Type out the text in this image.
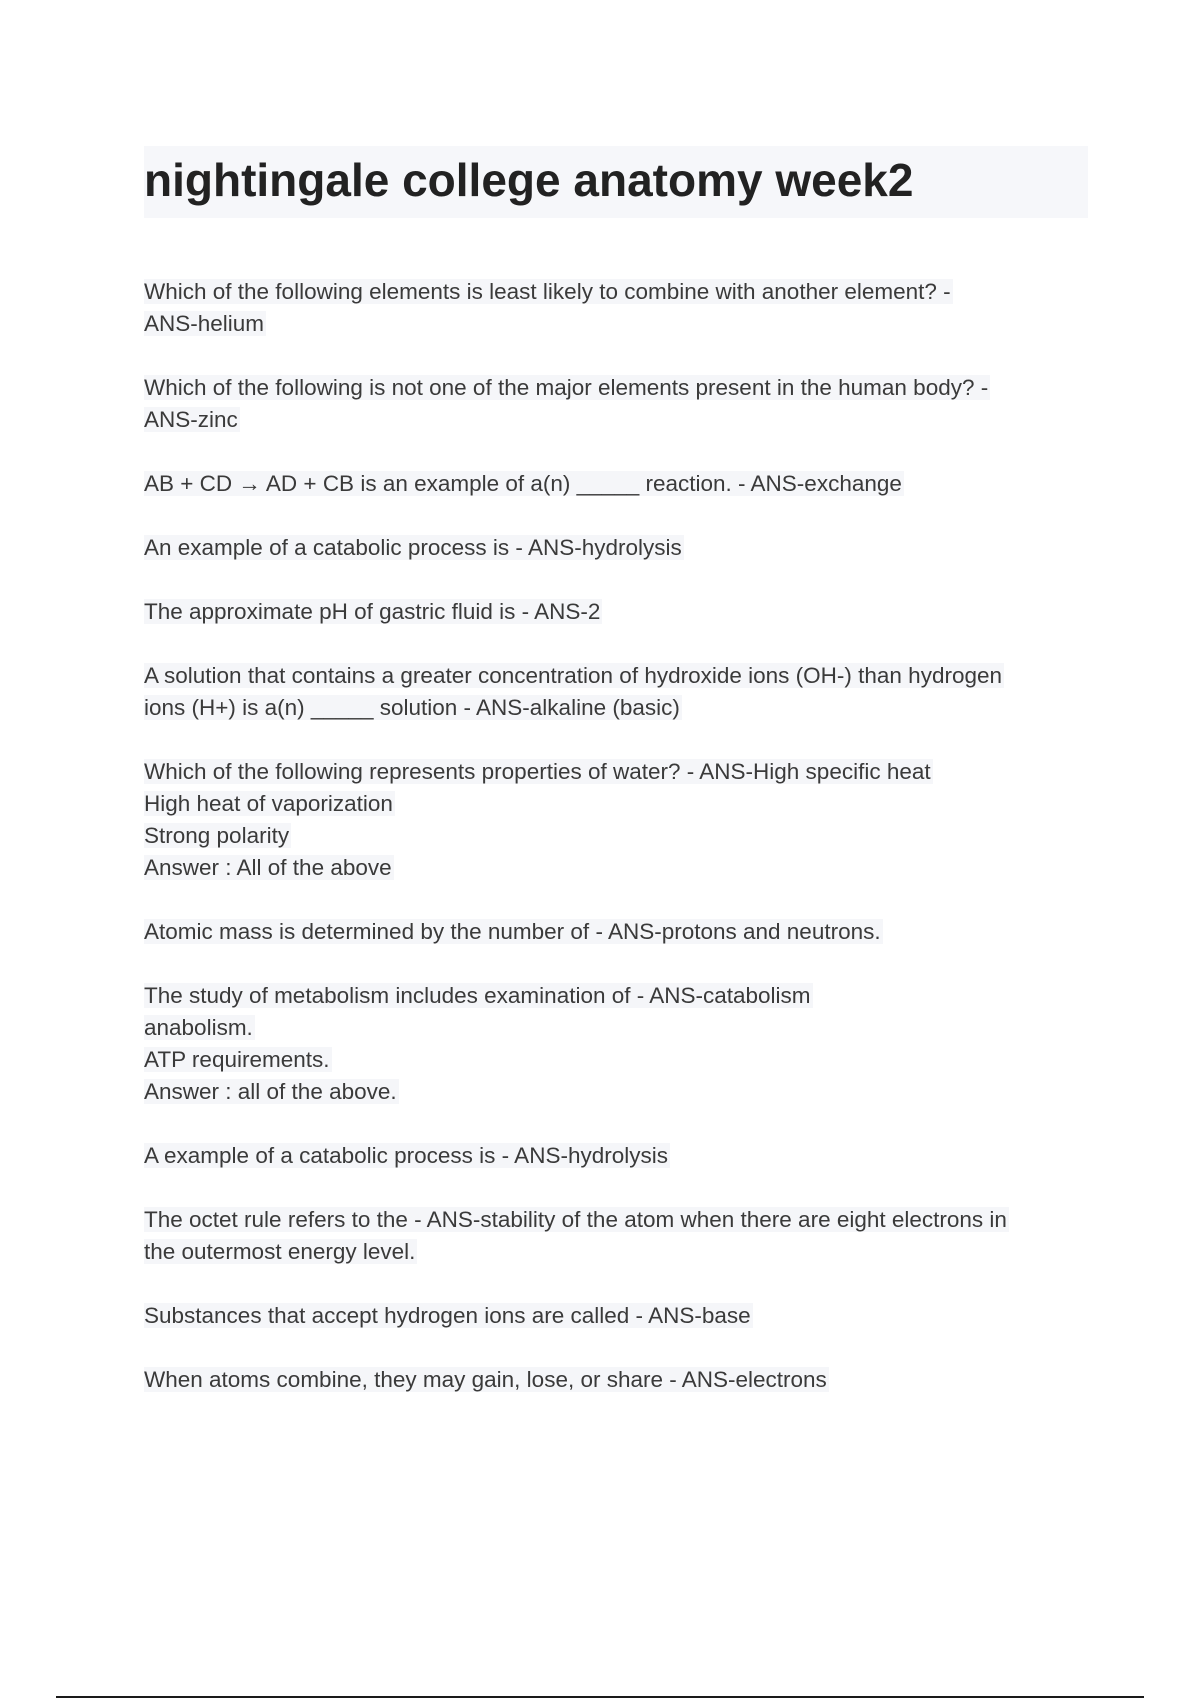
nightingale college anatomy week2

Which of the following elements is least likely to combine with another element? -
ANS-helium

Which of the following is not one of the major elements present in the human body? -
ANS-zinc

AB + CD → AD + CB is an example of a(n) _____ reaction. - ANS-exchange

An example of a catabolic process is - ANS-hydrolysis

The approximate pH of gastric fluid is - ANS-2

A solution that contains a greater concentration of hydroxide ions (OH-) than hydrogen
ions (H+) is a(n) _____ solution - ANS-alkaline (basic)

Which of the following represents properties of water? - ANS-High specific heat
High heat of vaporization
Strong polarity
Answer : All of the above

Atomic mass is determined by the number of - ANS-protons and neutrons.

The study of metabolism includes examination of - ANS-catabolism
anabolism.
ATP requirements.
Answer : all of the above.

A example of a catabolic process is - ANS-hydrolysis

The octet rule refers to the - ANS-stability of the atom when there are eight electrons in
the outermost energy level.

Substances that accept hydrogen ions are called - ANS-base

When atoms combine, they may gain, lose, or share - ANS-electrons
